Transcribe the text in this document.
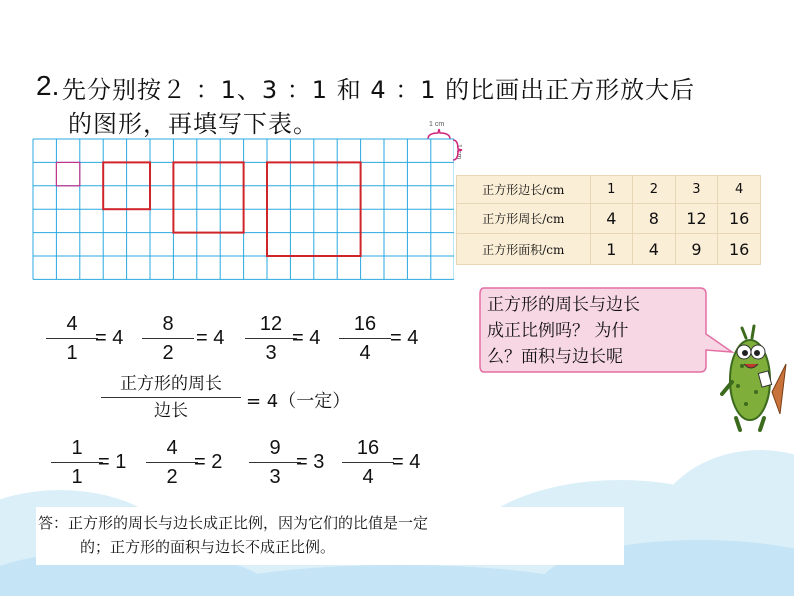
2. 先分别按２ ：1、3 ：1 和 4 ：1 的比画出正方形放大后
的图形，再填写下表。	1 cm
1 cm
正方形边长/cm	1	2	3	4
正方形周长/cm	4	8	12	16
正方形面积/cm	1	4	9	16
4
1
= 4
8
2
= 4
12
3
= 4
16
4
= 4
正方形的周长
边长	= 4（一定）
1
1
= 1
4
2
= 2
9
3
= 3
16
4
= 4
正方形的周长与边长
成正比例吗？ 为什
么？面积与边长呢
答：正方形的周长与边长成正比例，因为它们的比值是一定
的；正方形的面积与边长不成正比例。
